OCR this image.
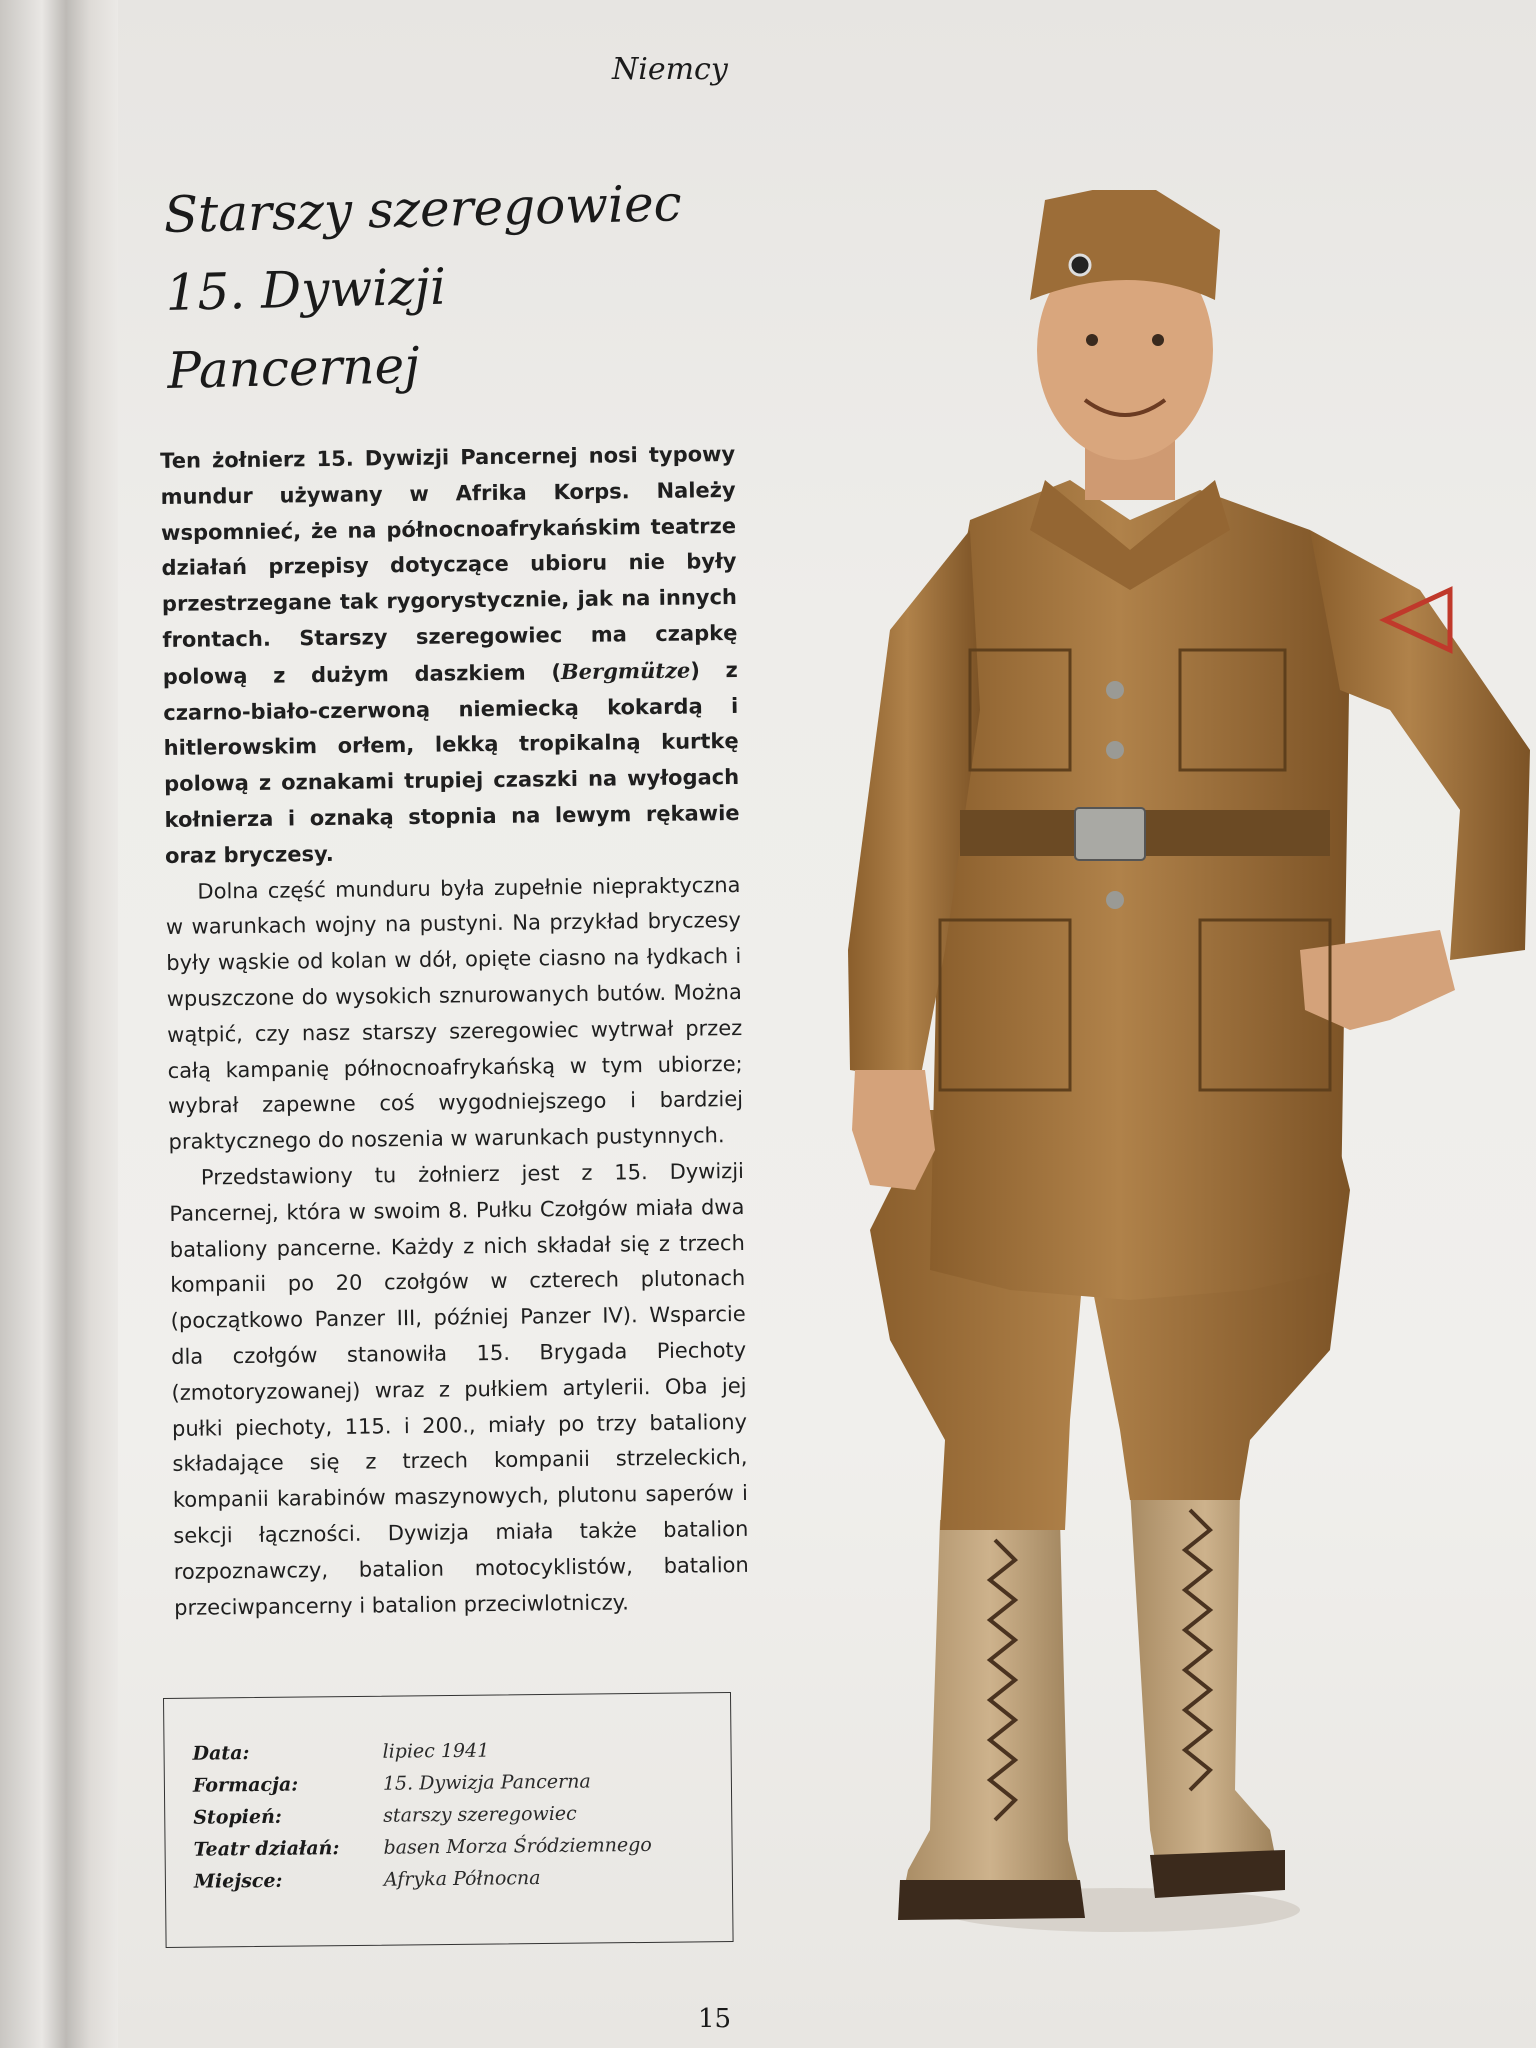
Niemcy
Starszy szeregowiec
15. Dywizji
Pancernej

Ten żołnierz 15. Dywizji Pancernej nosi typowy mundur używany w Afrika Korps. Należy wspomnieć, że na północnoafrykańskim teatrze działań przepisy dotyczące ubioru nie były przestrzegane tak rygorystycznie, jak na innych frontach. Starszy szeregowiec ma czapkę polową z dużym daszkiem (Bergmütze) z czarno-biało-czerwoną niemiecką kokardą i hitlerowskim orłem, lekką tropikalną kurtkę polową z oznakami trupiej czaszki na wyłogach kołnierza i oznaką stopnia na lewym rękawie oraz bryczesy.

Dolna część munduru była zupełnie niepraktyczna w warunkach wojny na pustyni. Na przykład bryczesy były wąskie od kolan w dół, opięte ciasno na łydkach i wpuszczone do wysokich sznurowanych butów. Można wątpić, czy nasz starszy szeregowiec wytrwał przez całą kampanię północnoafrykańską w tym ubiorze; wybrał zapewne coś wygodniejszego i bardziej praktycznego do noszenia w warunkach pustynnych.

Przedstawiony tu żołnierz jest z 15. Dywizji Pancernej, która w swoim 8. Pułku Czołgów miała dwa bataliony pancerne. Każdy z nich składał się z trzech kompanii po 20 czołgów w czterech plutonach (początkowo Panzer III, później Panzer IV). Wsparcie dla czołgów stanowiła 15. Brygada Piechoty (zmotoryzowanej) wraz z pułkiem artylerii. Oba jej pułki piechoty, 115. i 200., miały po trzy bataliony składające się z trzech kompanii strzeleckich, kompanii karabinów maszynowych, plutonu saperów i sekcji łączności. Dywizja miała także batalion rozpoznawczy, batalion motocyklistów, batalion przeciwpancerny i batalion przeciwlotniczy.

Data:	lipiec 1941
Formacja:	15. Dywizja Pancerna
Stopień:	starszy szeregowiec
Teatr działań:	basen Morza Śródziemnego
Miejsce:	Afryka Północna
15
